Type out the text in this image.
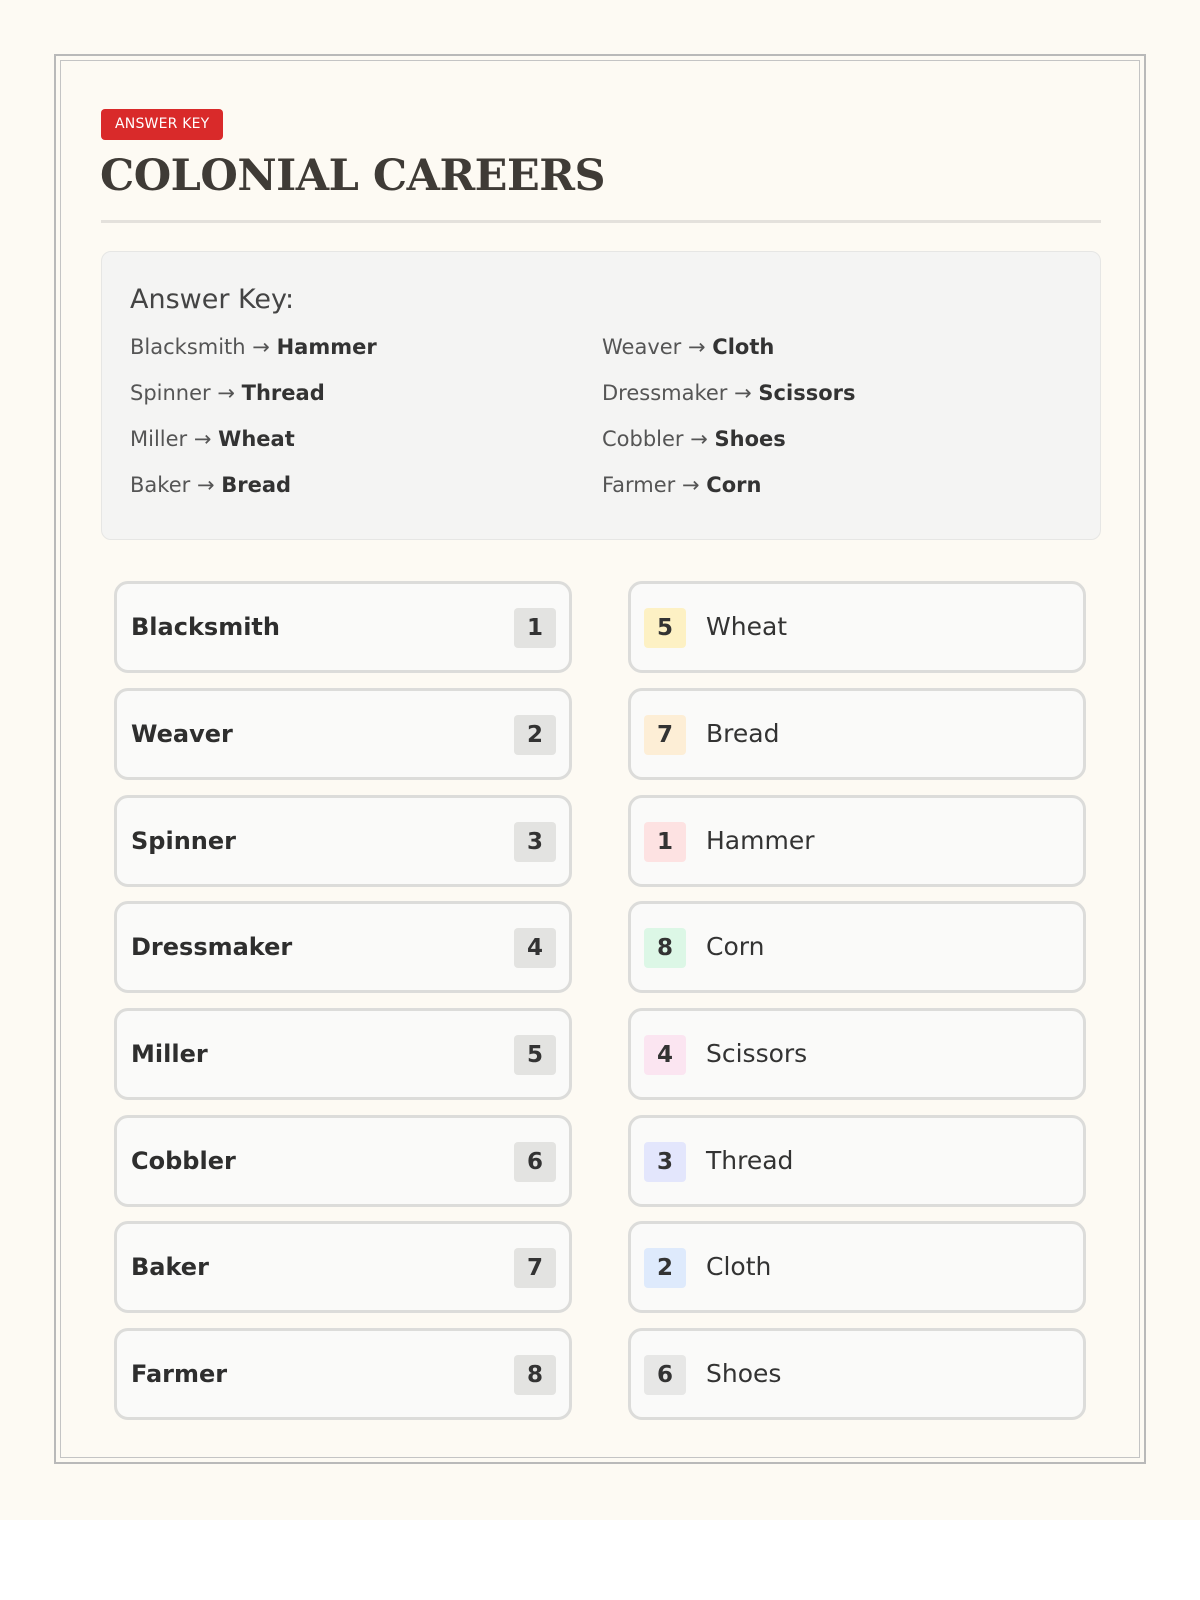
ANSWER KEY
COLONIAL CAREERS
Answer Key:
Blacksmith → Hammer	Weaver → Cloth
Spinner → Thread	Dressmaker → Scissors
Miller → Wheat	Cobbler → Shoes
Baker → Bread	Farmer → Corn
Blacksmith	1
Weaver	2
Spinner	3
Dressmaker	4
Miller	5
Cobbler	6
Baker	7
Farmer	8
5	Wheat
7	Bread
1	Hammer
8	Corn
4	Scissors
3	Thread
2	Cloth
6	Shoes
